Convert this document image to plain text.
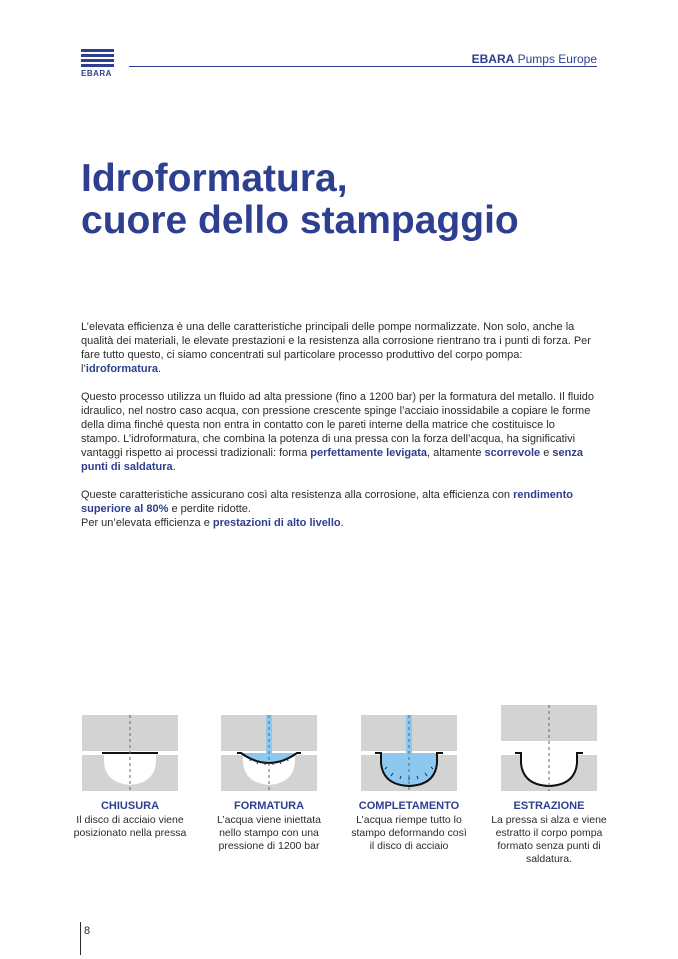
EBARA
EBARA Pumps Europe
Idroformatura,
cuore dello stampaggio

L’elevata efficienza è una delle caratteristiche principali delle pompe normalizzate. Non solo, anche la qualità dei materiali, le elevate prestazioni e la resistenza alla corrosione rientrano tra i punti di forza. Per fare tutto questo, ci siamo concentrati sul particolare processo produttivo del corpo pompa: l’idroformatura.

Questo processo utilizza un fluido ad alta pressione (fino a 1200 bar) per la formatura del metallo. Il fluido idraulico, nel nostro caso acqua, con pressione crescente spinge l’acciaio inossidabile a copiare le forme della dima finché questa non entra in contatto con le pareti interne della matrice che costituisce lo stampo. L’idroformatura, che combina la potenza di una pressa con la forza dell’acqua, ha significativi vantaggi rispetto ai processi tradizionali: forma perfettamente levigata, altamente scorrevole e senza punti di saldatura.

Queste caratteristiche assicurano così alta resistenza alla corrosione, alta efficienza con rendimento superiore al 80% e perdite ridotte.
Per un’elevata efficienza e prestazioni di alto livello.

CHIUSURA
Il disco di acciaio viene posizionato nella pressa
FORMATURA
L’acqua viene iniettata nello stampo con una pressione di 1200 bar
COMPLETAMENTO
L’acqua riempe tutto lo stampo deformando così il disco di acciaio
ESTRAZIONE
La pressa si alza e viene estratto il corpo pompa formato senza punti di saldatura.
8
